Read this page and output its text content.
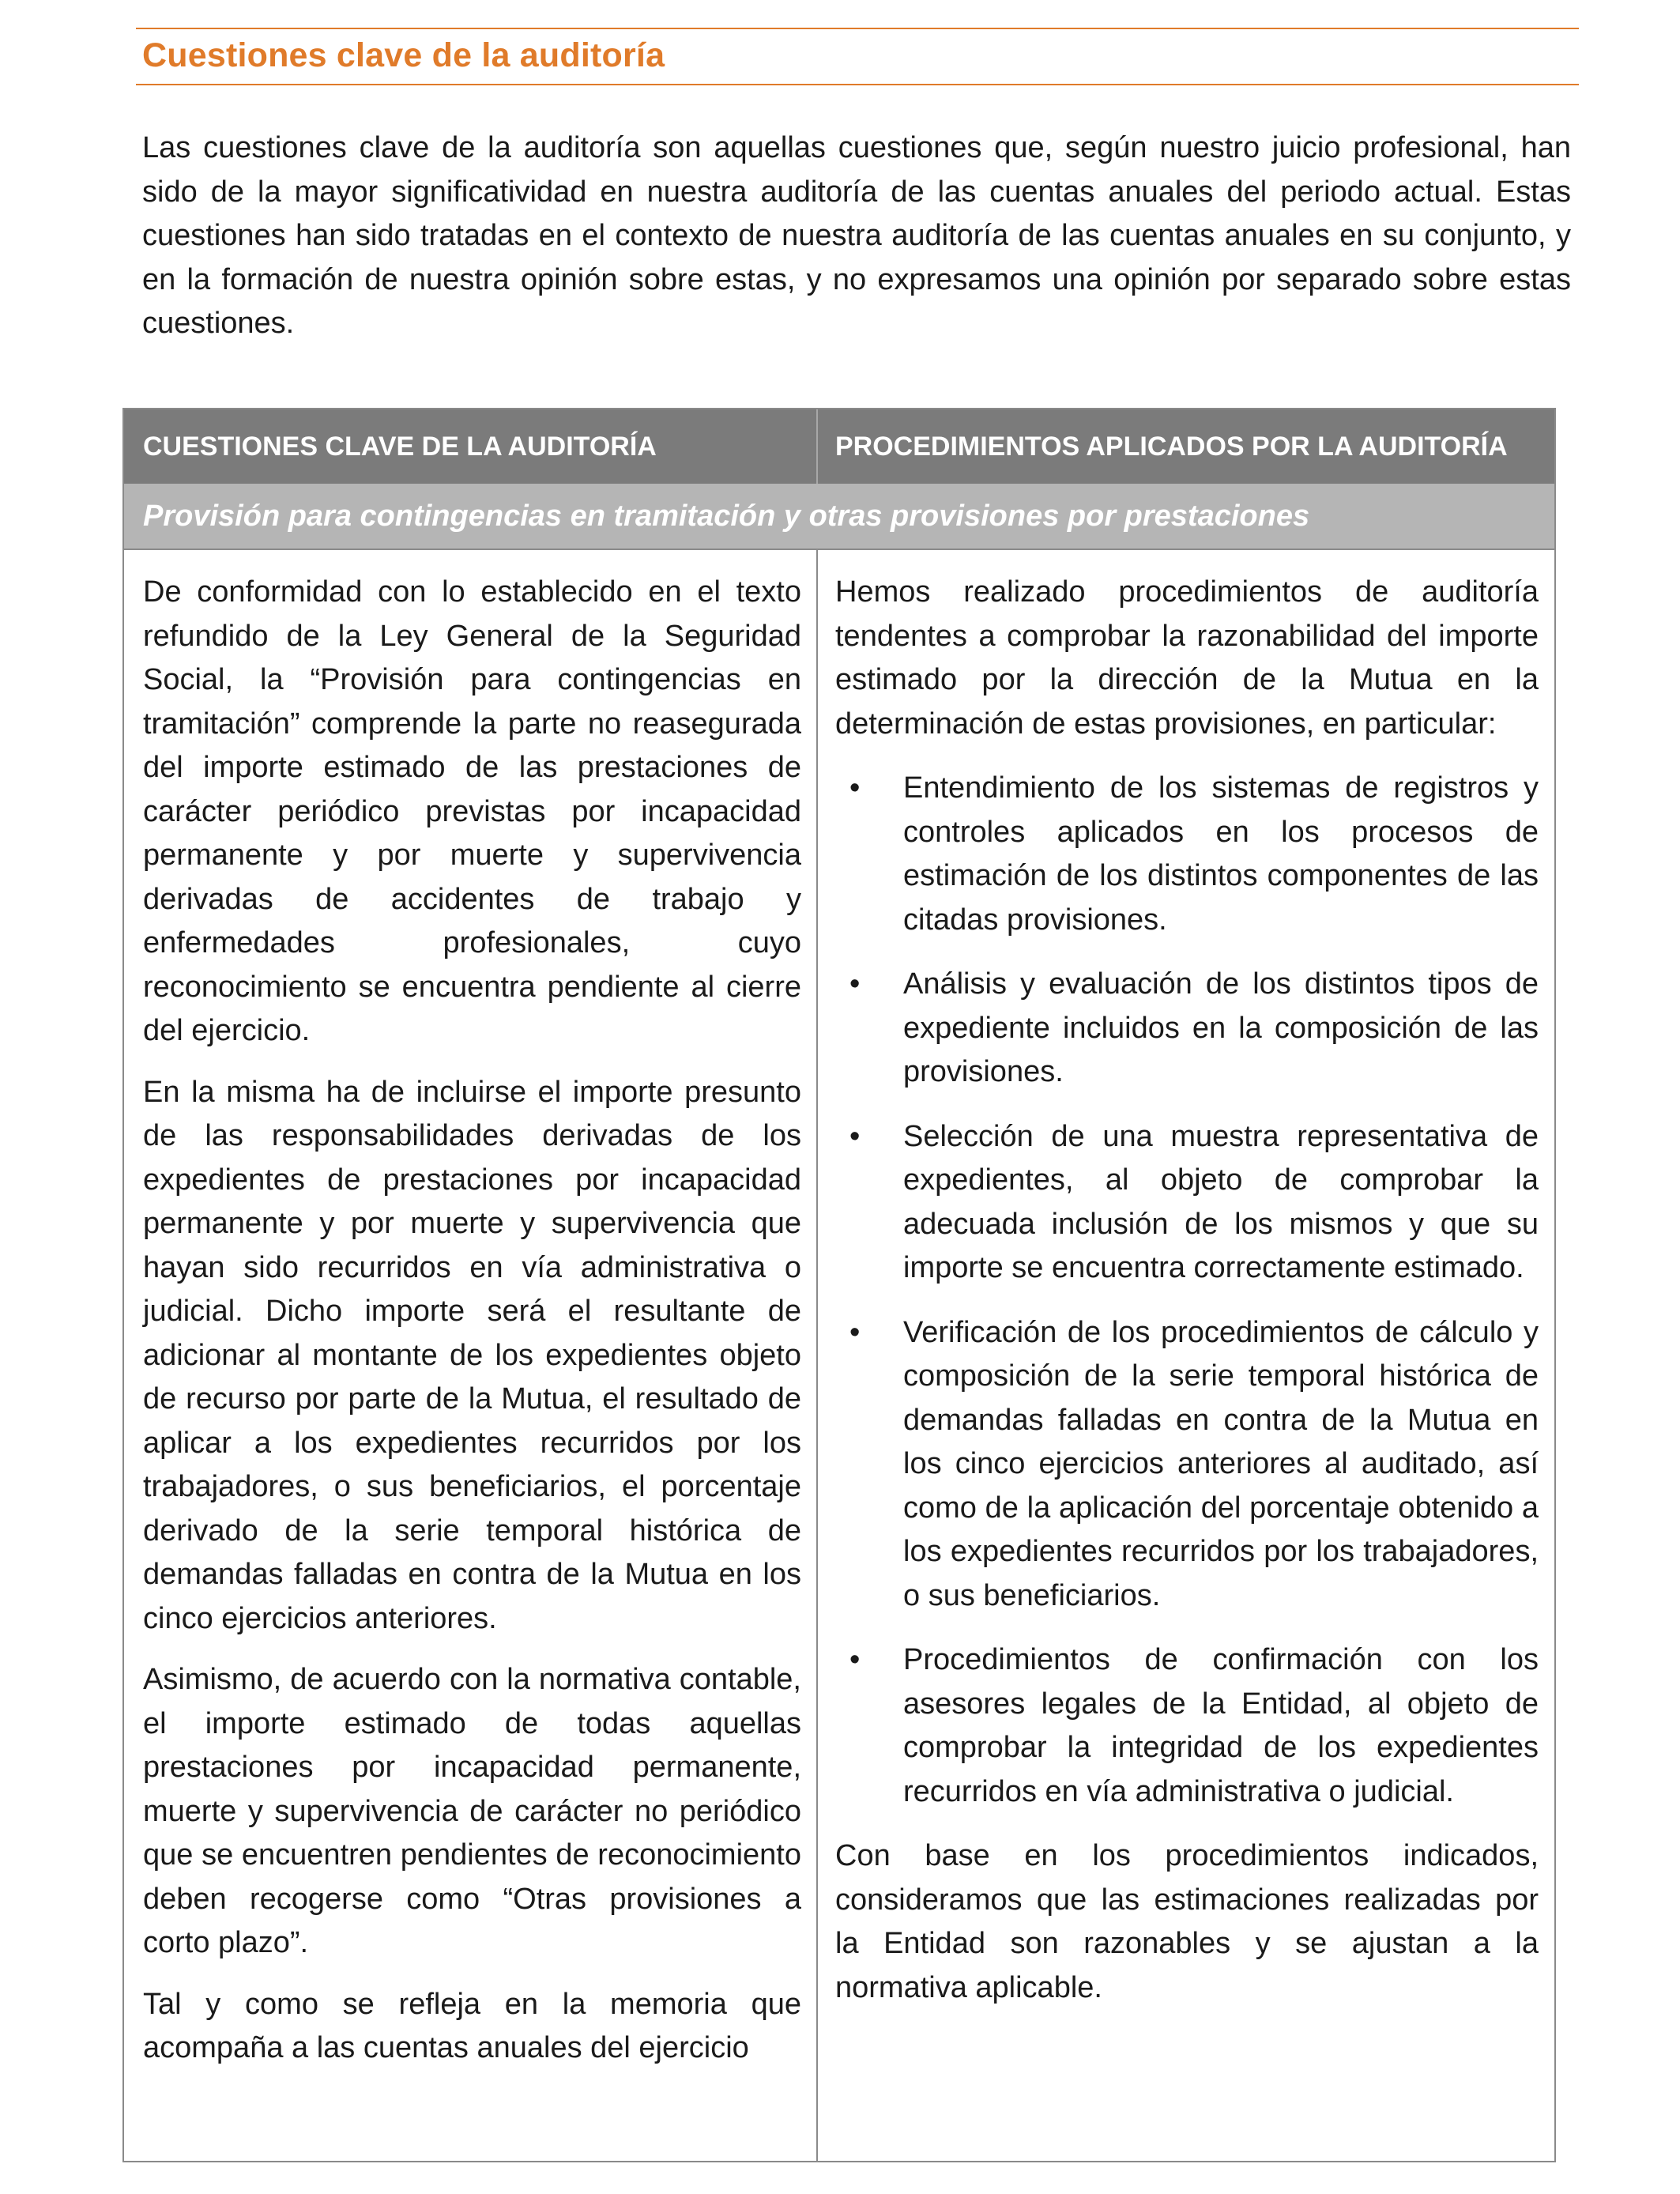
Cuestiones clave de la auditoría

Las cuestiones clave de la auditoría son aquellas cuestiones que, según nuestro juicio profesional, han sido de la mayor significatividad en nuestra auditoría de las cuentas anuales del periodo actual. Estas cuestiones han sido tratadas en el contexto de nuestra auditoría de las cuentas anuales en su conjunto, y en la formación de nuestra opinión sobre estas, y no expresamos una opinión por separado sobre estas cuestiones.

CUESTIONES CLAVE DE LA AUDITORÍA	PROCEDIMIENTOS APLICADOS POR LA AUDITORÍA
Provisión para contingencias en tramitación y otras provisiones por prestaciones

De conformidad con lo establecido en el texto refundido de la Ley General de la Seguridad Social, la “Provisión para contingencias en tramitación” comprende la parte no reasegurada del importe estimado de las prestaciones de carácter periódico previstas por incapacidad permanente y por muerte y supervivencia derivadas de accidentes de trabajo y enfermedades profesionales, cuyo reconocimiento se encuentra pendiente al cierre del ejercicio.

En la misma ha de incluirse el importe presunto de las responsabilidades derivadas de los expedientes de prestaciones por incapacidad permanente y por muerte y supervivencia que hayan sido recurridos en vía administrativa o judicial. Dicho importe será el resultante de adicionar al montante de los expedientes objeto de recurso por parte de la Mutua, el resultado de aplicar a los expedientes recurridos por los trabajadores, o sus beneficiarios, el porcentaje derivado de la serie temporal histórica de demandas falladas en contra de la Mutua en los cinco ejercicios anteriores.

Asimismo, de acuerdo con la normativa contable, el importe estimado de todas aquellas prestaciones por incapacidad permanente, muerte y supervivencia de carácter no periódico que se encuentren pendientes de reconocimiento deben recogerse como “Otras provisiones a corto plazo”.

Tal y como se refleja en la memoria que acompaña a las cuentas anuales del ejercicio

Hemos realizado procedimientos de auditoría tendentes a comprobar la razonabilidad del importe estimado por la dirección de la Mutua en la determinación de estas provisiones, en particular:

• Entendimiento de los sistemas de registros y controles aplicados en los procesos de estimación de los distintos componentes de las citadas provisiones.
• Análisis y evaluación de los distintos tipos de expediente incluidos en la composición de las provisiones.
• Selección de una muestra representativa de expedientes, al objeto de comprobar la adecuada inclusión de los mismos y que su importe se encuentra correctamente estimado.
• Verificación de los procedimientos de cálculo y composición de la serie temporal histórica de demandas falladas en contra de la Mutua en los cinco ejercicios anteriores al auditado, así como de la aplicación del porcentaje obtenido a los expedientes recurridos por los trabajadores, o sus beneficiarios.
• Procedimientos de confirmación con los asesores legales de la Entidad, al objeto de comprobar la integridad de los expedientes recurridos en vía administrativa o judicial.

Con base en los procedimientos indicados, consideramos que las estimaciones realizadas por la Entidad son razonables y se ajustan a la normativa aplicable.
